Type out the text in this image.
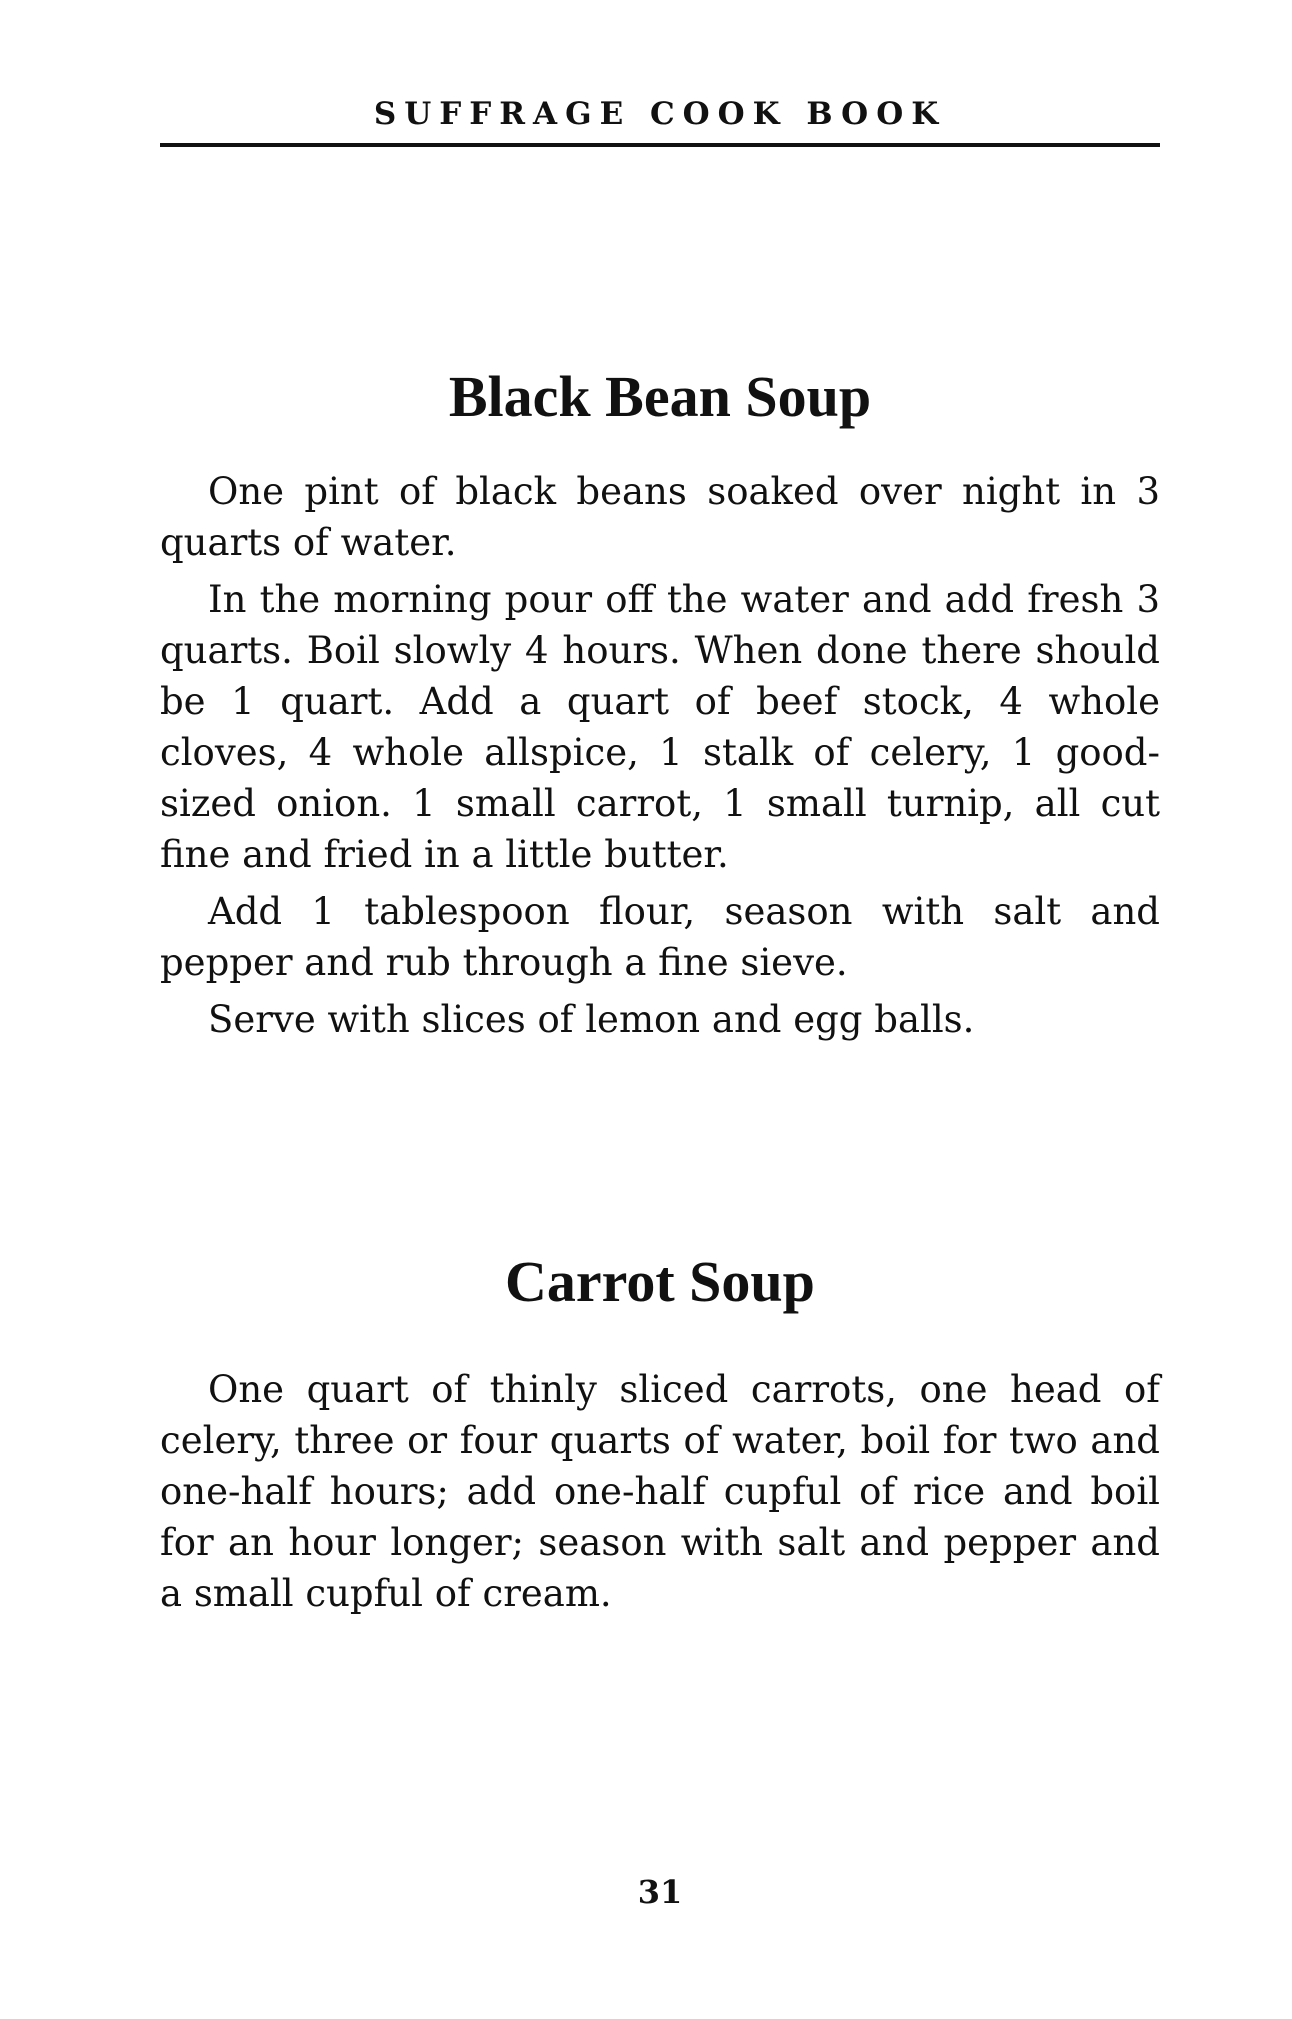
SUFFRAGE COOK BOOK
Black Bean Soup

One pint of black beans soaked over night in 3 quarts of water.

In the morning pour off the water and add fresh 3 quarts. Boil slowly 4 hours. When done there should be 1 quart. Add a quart of beef stock, 4 whole cloves, 4 whole allspice, 1 stalk of celery, 1 good-sized onion. 1 small carrot, 1 small turnip, all cut fine and fried in a little butter.

Add 1 tablespoon flour, season with salt and pepper and rub through a fine sieve.

Serve with slices of lemon and egg balls.

Carrot Soup

One quart of thinly sliced carrots, one head of celery, three or four quarts of water, boil for two and one-half hours; add one-half cupful of rice and boil for an hour longer; season with salt and pepper and a small cupful of cream.

31
